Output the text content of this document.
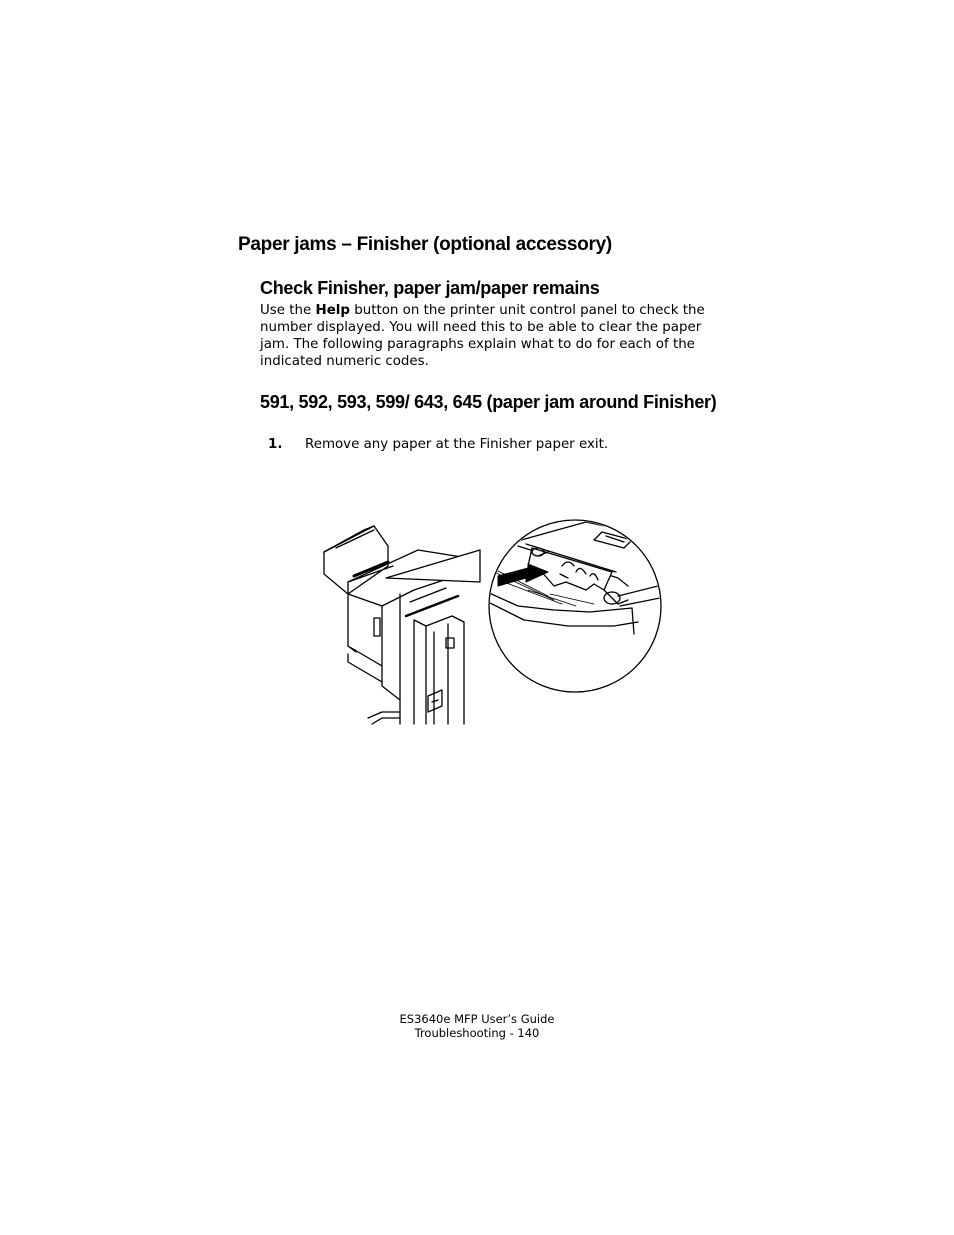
Paper jams – Finisher (optional accessory)
Check Finisher, paper jam/paper remains

Use the Help button on the printer unit control panel to check the number displayed. You will need this to be able to clear the paper jam. The following paragraphs explain what to do for each of the indicated numeric codes.

591, 592, 593, 599/ 643, 645 (paper jam around Finisher)
1. Remove any paper at the Finisher paper exit.
ES3640e MFP User’s Guide
Troubleshooting - 140
